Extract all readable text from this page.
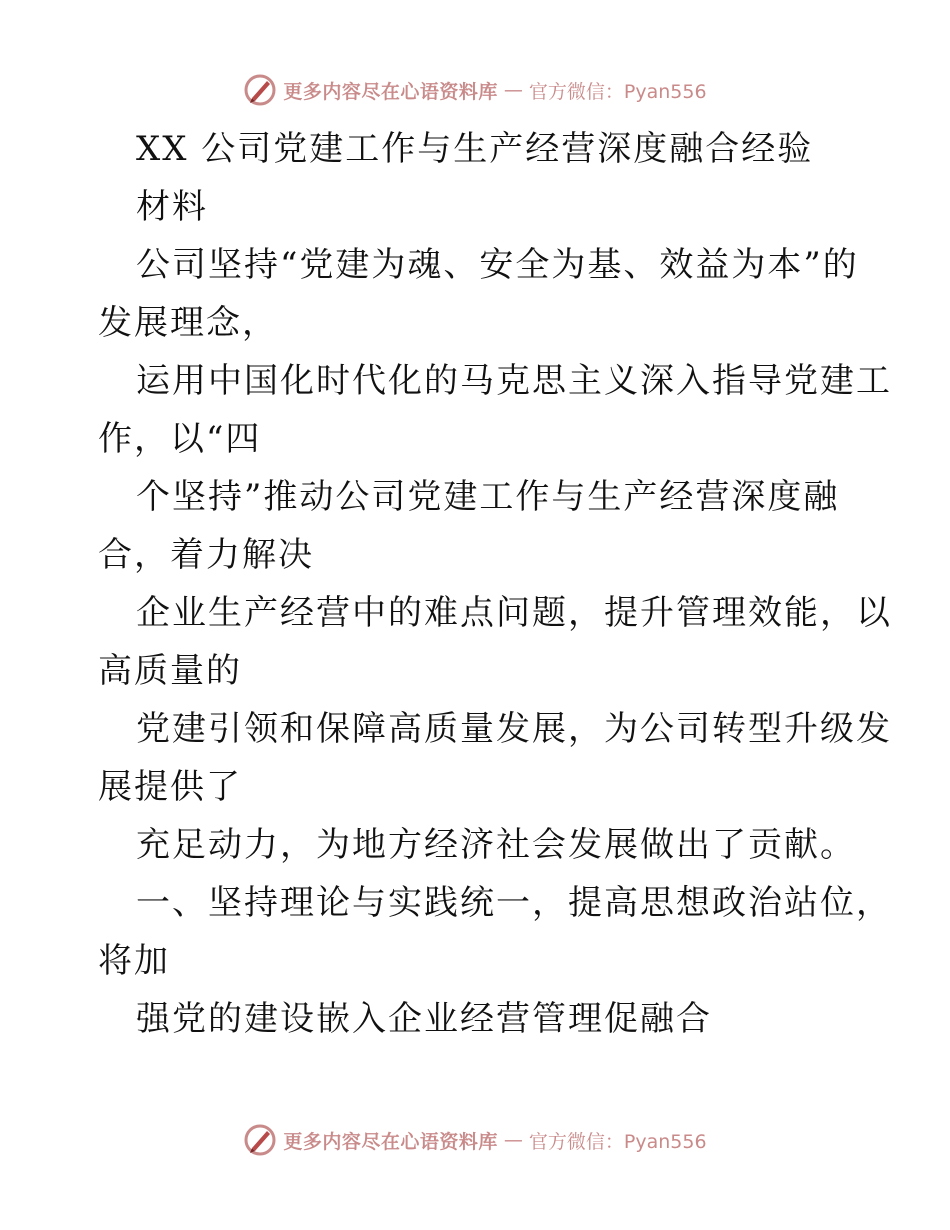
更多内容尽在心语资料库 — 官方微信：Pyan556
XX 公司党建工作与生产经营深度融合经验
材料
公司坚持“党建为魂、安全为基、效益为本”的
发展理念，
运用中国化时代化的马克思主义深入指导党建工
作，以“四
个坚持”推动公司党建工作与生产经营深度融
合，着力解决
企业生产经营中的难点问题，提升管理效能，以
高质量的
党建引领和保障高质量发展，为公司转型升级发
展提供了
充足动力，为地方经济社会发展做出了贡献。
一、坚持理论与实践统一，提高思想政治站位，
将加
强党的建设嵌入企业经营管理促融合
更多内容尽在心语资料库 — 官方微信：Pyan556
